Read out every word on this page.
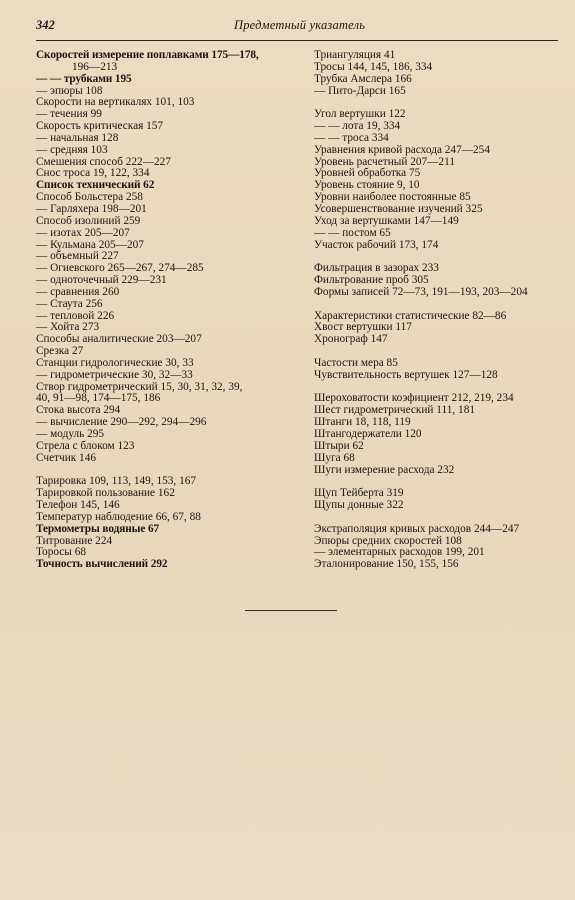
342	Предметный указатель
Скоростей измерение поплавками 175—178,
196—213
— — трубками 195
— эпюры 108
Скорости на вертикалях 101, 103
— течения 99
Скорость критическая 157
— начальная 128
— средняя 103
Смешения способ 222—227
Снос троса 19, 122, 334
Список технический 62
Способ Больстера 258
— Гарляхера 198—201
Способ изолиний 259
— изотах 205—207
— Кульмана 205—207
— объемный 227
— Огиевского 265—267, 274—285
— одноточечный 229—231
— сравнения 260
— Стаута 256
— тепловой 226
— Хойта 273
Способы аналитические 203—207
Срезка 27
Станции гидрологические 30, 33
— гидрометрические 30, 32—33
Створ гидрометрический 15, 30, 31, 32, 39,
40, 91—98, 174—175, 186
Стока высота 294
— вычисление 290—292, 294—296
— модуль 295
Стрела с блоком 123
Счетчик 146
Тарировка 109, 113, 149, 153, 167
Тарировкой пользование 162
Телефон 145, 146
Температур наблюдение 66, 67, 88
Термометры водяные 67
Титрование 224
Торосы 68
Точность вычислений 292
Триангуляция 41
Тросы 144, 145, 186, 334
Трубка Амслера 166
— Пито-Дарси 165
Угол вертушки 122
— — лота 19, 334
— — троса 334
Уравнения кривой расхода 247—254
Уровень расчетный 207—211
Уровней обработка 75
Уровень стояние 9, 10
Уровни наиболее постоянные 85
Усовершенствование изучений 325
Уход за вертушками 147—149
— — постом 65
Участок рабочий 173, 174
Фильтрация в зазорах 233
Фильтрование проб 305
Формы записей 72—73, 191—193, 203—204
Характеристики статистические 82—86
Хвост вертушки 117
Хронограф 147
Частости мера 85
Чувствительность вертушек 127—128
Шероховатости коэфициент 212, 219, 234
Шест гидрометрический 111, 181
Штанги 18, 118, 119
Штангодержатели 120
Штыри 62
Шуга 68
Шуги измерение расхода 232
Щуп Тейберта 319
Щупы донные 322
Экстраполяция кривых расходов 244—247
Эпюры средних скоростей 108
— элементарных расходов 199, 201
Эталонирование 150, 155, 156
